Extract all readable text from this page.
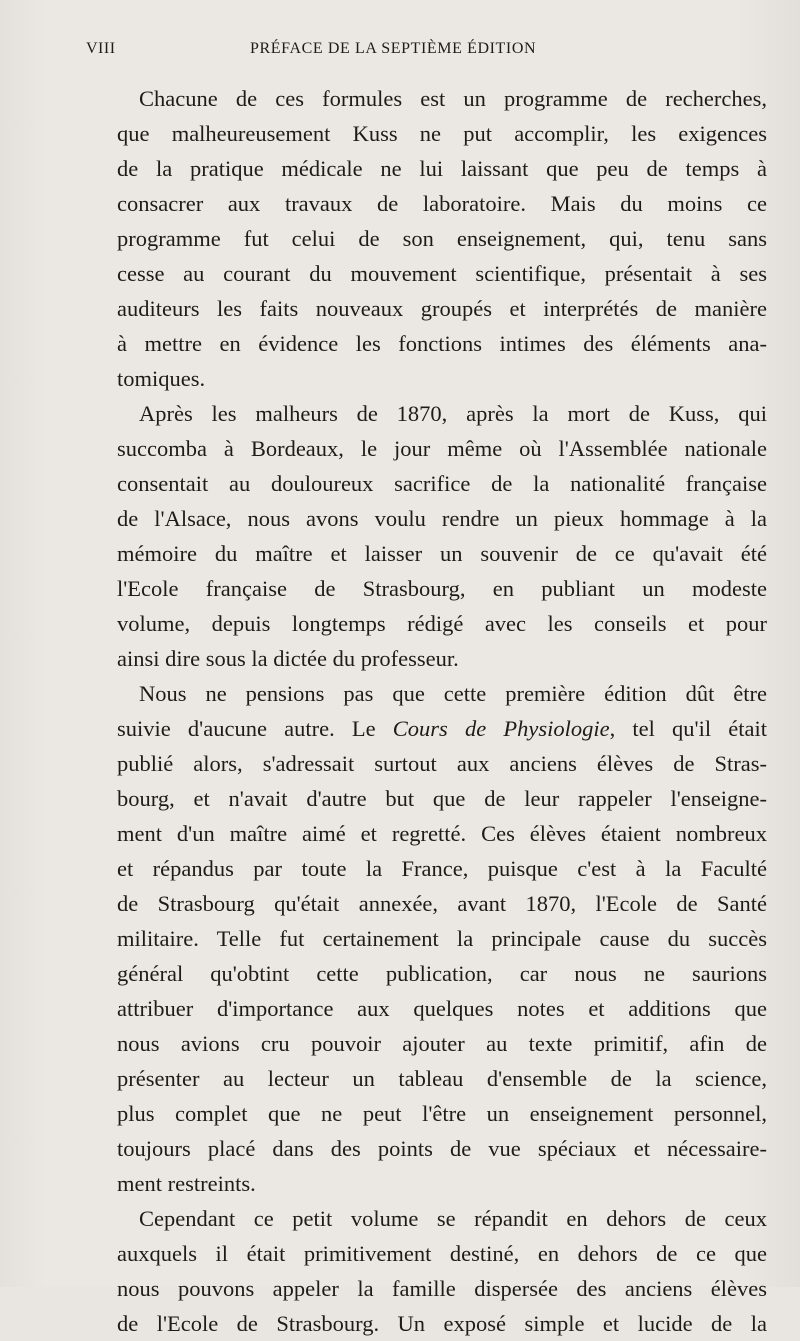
VIII	PRÉFACE DE LA SEPTIÈME ÉDITION
Chacune de ces formules est un programme de recherches,
que malheureusement Kuss ne put accomplir, les exigences
de la pratique médicale ne lui laissant que peu de temps à
consacrer aux travaux de laboratoire. Mais du moins ce
programme fut celui de son enseignement, qui, tenu sans
cesse au courant du mouvement scientifique, présentait à ses
auditeurs les faits nouveaux groupés et interprétés de manière
à mettre en évidence les fonctions intimes des éléments ana-
tomiques.
Après les malheurs de 1870, après la mort de Kuss, qui
succomba à Bordeaux, le jour même où l'Assemblée nationale
consentait au douloureux sacrifice de la nationalité française
de l'Alsace, nous avons voulu rendre un pieux hommage à la
mémoire du maître et laisser un souvenir de ce qu'avait été
l'Ecole française de Strasbourg, en publiant un modeste
volume, depuis longtemps rédigé avec les conseils et pour
ainsi dire sous la dictée du professeur.
Nous ne pensions pas que cette première édition dût être
suivie d'aucune autre. Le Cours de Physiologie, tel qu'il était
publié alors, s'adressait surtout aux anciens élèves de Stras-
bourg, et n'avait d'autre but que de leur rappeler l'enseigne-
ment d'un maître aimé et regretté. Ces élèves étaient nombreux
et répandus par toute la France, puisque c'est à la Faculté
de Strasbourg qu'était annexée, avant 1870, l'Ecole de Santé
militaire. Telle fut certainement la principale cause du succès
général qu'obtint cette publication, car nous ne saurions
attribuer d'importance aux quelques notes et additions que
nous avions cru pouvoir ajouter au texte primitif, afin de
présenter au lecteur un tableau d'ensemble de la science,
plus complet que ne peut l'être un enseignement personnel,
toujours placé dans des points de vue spéciaux et nécessaire-
ment restreints.
Cependant ce petit volume se répandit en dehors de ceux
auxquels il était primitivement destiné, en dehors de ce que
nous pouvons appeler la famille dispersée des anciens élèves
de l'Ecole de Strasbourg. Un exposé simple et lucide de la
